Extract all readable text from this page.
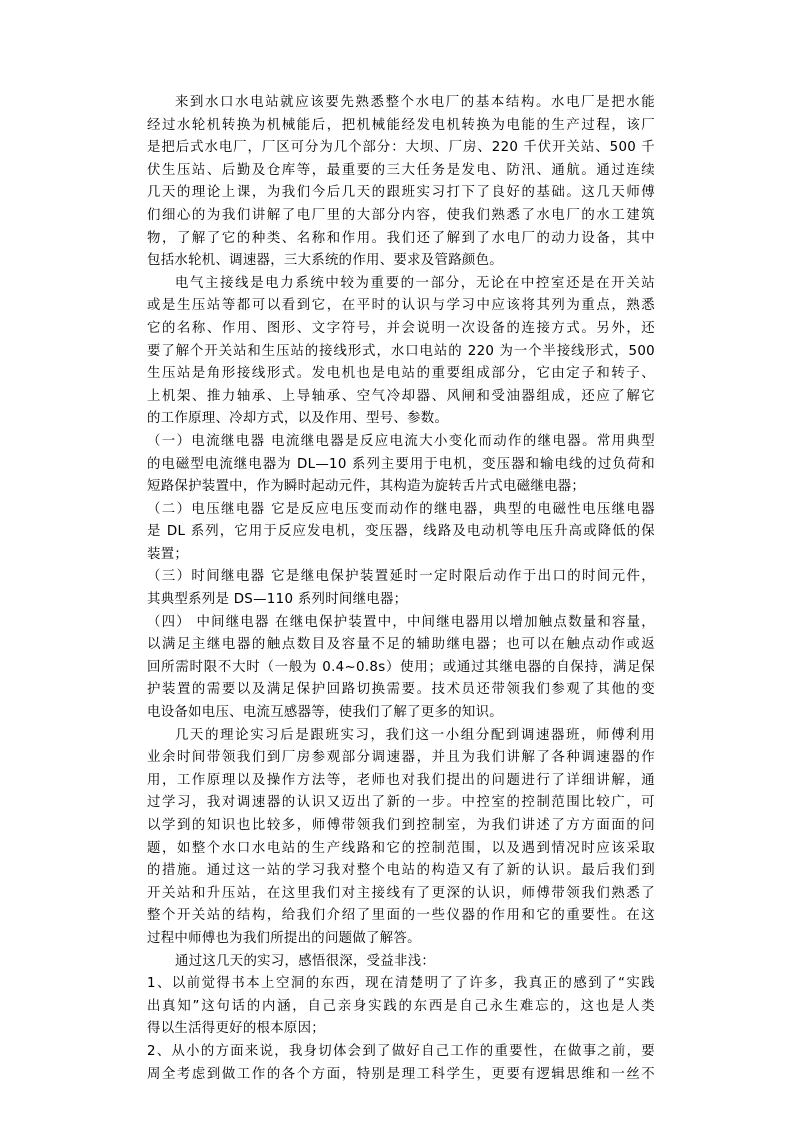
来到水口水电站就应该要先熟悉整个水电厂的基本结构。水电厂是把水能
经过水轮机转换为机械能后，把机械能经发电机转换为电能的生产过程，该厂
是把后式水电厂，厂区可分为几个部分：大坝、厂房、220 千伏开关站、500 千
伏生压站、后勤及仓库等，最重要的三大任务是发电、防汛、通航。通过连续
几天的理论上课，为我们今后几天的跟班实习打下了良好的基础。这几天师傅
们细心的为我们讲解了电厂里的大部分内容，使我们熟悉了水电厂的水工建筑
物，了解了它的种类、名称和作用。我们还了解到了水电厂的动力设备，其中
包括水轮机、调速器，三大系统的作用、要求及管路颜色。
电气主接线是电力系统中较为重要的一部分，无论在中控室还是在开关站
或是生压站等都可以看到它，在平时的认识与学习中应该将其列为重点，熟悉
它的名称、作用、图形、文字符号，并会说明一次设备的连接方式。另外，还
要了解个开关站和生压站的接线形式，水口电站的 220 为一个半接线形式，500
生压站是角形接线形式。发电机也是电站的重要组成部分，它由定子和转子、
上机架、推力轴承、上导轴承、空气冷却器、风闸和受油器组成，还应了解它
的工作原理、冷却方式，以及作用、型号、参数。
（一）电流继电器 电流继电器是反应电流大小变化而动作的继电器。常用典型
的电磁型电流继电器为 DL—10 系列主要用于电机，变压器和输电线的过负荷和
短路保护装置中，作为瞬时起动元件，其构造为旋转舌片式电磁继电器；
（二）电压继电器 它是反应电压变而动作的继电器，典型的电磁性电压继电器
是 DL 系列，它用于反应发电机，变压器，线路及电动机等电压升高或降低的保
装置；
（三）时间继电器 它是继电保护装置延时一定时限后动作于出口的时间元件，
其典型系列是 DS—110 系列时间继电器；
（四） 中间继电器 在继电保护装置中，中间继电器用以增加触点数量和容量，
以满足主继电器的触点数目及容量不足的辅助继电器；也可以在触点动作或返
回所需时限不大时（一般为 0.4~0.8s）使用；或通过其继电器的自保持，满足保
护装置的需要以及满足保护回路切换需要。技术员还带领我们参观了其他的变
电设备如电压、电流互感器等，使我们了解了更多的知识。
几天的理论实习后是跟班实习，我们这一小组分配到调速器班，师傅利用
业余时间带领我们到厂房参观部分调速器，并且为我们讲解了各种调速器的作
用，工作原理以及操作方法等，老师也对我们提出的问题进行了详细讲解，通
过学习，我对调速器的认识又迈出了新的一步。中控室的控制范围比较广，可
以学到的知识也比较多，师傅带领我们到控制室，为我们讲述了方方面面的问
题，如整个水口水电站的生产线路和它的控制范围，以及遇到情况时应该采取
的措施。通过这一站的学习我对整个电站的构造又有了新的认识。最后我们到
开关站和升压站，在这里我们对主接线有了更深的认识，师傅带领我们熟悉了
整个开关站的结构，给我们介绍了里面的一些仪器的作用和它的重要性。在这
过程中师傅也为我们所提出的问题做了解答。
通过这几天的实习，感悟很深，受益非浅：
1、以前觉得书本上空洞的东西，现在清楚明了了许多，我真正的感到了“实践
出真知”这句话的内涵，自己亲身实践的东西是自己永生难忘的，这也是人类
得以生活得更好的根本原因；
2、从小的方面来说，我身切体会到了做好自己工作的重要性，在做事之前，要
周全考虑到做工作的各个方面，特别是理工科学生，更要有逻辑思维和一丝不
